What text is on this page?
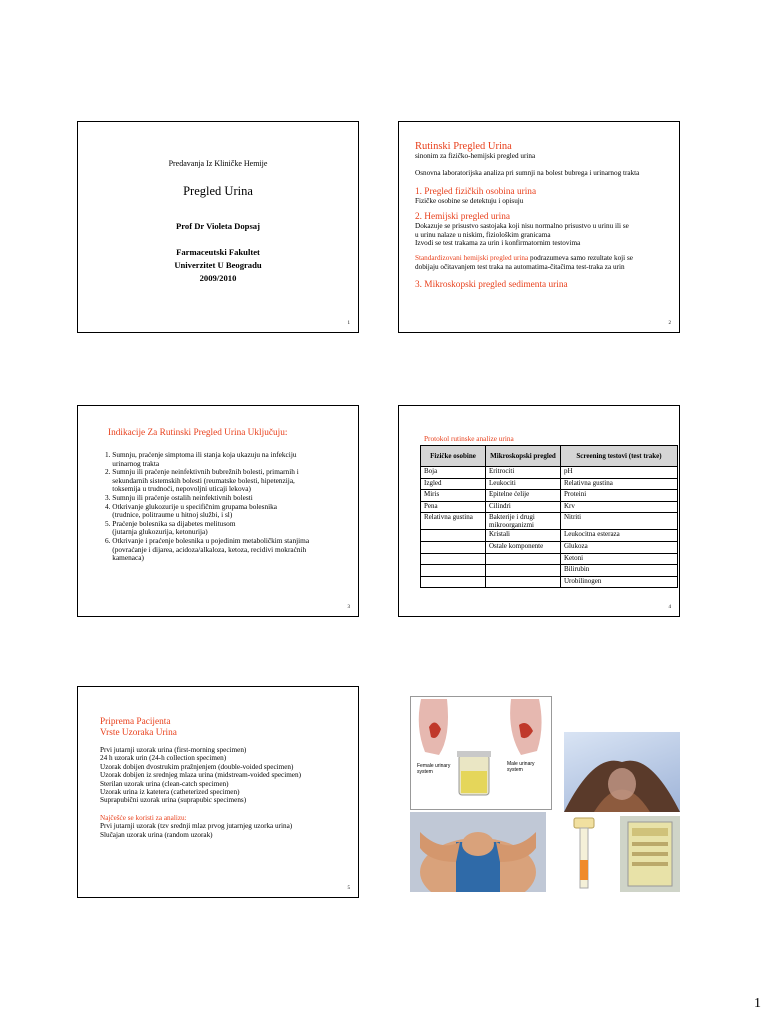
Predavanja Iz Kliničke Hemije
Pregled Urina
Prof Dr Violeta Dopsaj
Farmaceutski Fakultet
Univerzitet U Beogradu
2009/2010
1
Rutinski Pregled Urina
sinonim za fizičko-hemijski pregled urina
Osnovna laboratorijska analiza pri sumnji na bolest bubrega i urinarnog trakta
1. Pregled fizičkih osobina urina
Fizičke osobine se detektuju i opisuju
2. Hemijski pregled urina
Dokazuje se prisustvo sastojaka koji nisu normalno prisustvo u urinu ili se
u urinu nalaze u niskim, fiziološkim granicama
Izvodi se test trakama za urin i konfirmatornim testovima
Standardizovani hemijski pregled urina podrazumeva samo rezultate koji se
dobijaju očitavanjem test traka na automatima-čitačima test-traka za urin
3. Mikroskopski pregled sedimenta urina
2
Indikacije Za Rutinski Pregled Urina Uključuju:
1. Sumnju, praćenje simptoma ili stanja koja ukazuju na infekciju
urinarnog trakta
2. Sumnju ili praćenje neinfektivnih bubrežnih bolesti, primarnih i
sekundarnih sistemskih bolesti (reumatske bolesti, hipetenzija,
toksemija u trudnoći, nepovoljni uticaji lekova)
3. Sumnju ili praćenje ostalih neinfektivnih bolesti
4. Otkrivanje glukozurije u specifičnim grupama bolesnika
(trudnice, politraume u hitnoj službi, i sl)
5. Praćenje bolesnika sa dijabetes melitusom
(jutarnja glukozurija, ketonurija)
6. Otkrivanje i praćenje bolesnika u pojedinim metaboličkim stanjima
(povraćanje i dijarea, acidoza/alkaloza, ketoza, recidivi mokraćnih
kamenaca)
3
Protokol rutinske analize urina
Fizičke osobine	Mikroskopski pregled	Screening testovi (test trake)
Boja	Eritrociti	pH
Izgled	Leukociti	Relativna gustina
Miris	Epitelne ćelije	Proteini
Pena	Cilindri	Krv
Relativna gustina	Bakterije i drugi mikroorganizmi	Nitriti
	Kristali	Leukocitna esteraza
	Ostale komponente	Glukoza
		Ketoni
		Bilirubin
		Urobilinogen
4
Priprema Pacijenta
Vrste Uzoraka Urina
Prvi jutarnji uzorak urina (first-morning specimen)
24 h uzorak urin (24-h collection specimen)
Uzorak dobijen dvostrukim pražnjenjem (double-voided specimen)
Uzorak dobijen iz srednjeg mlaza urina (midstream-voided specimen)
Sterilan uzorak urina (clean-catch specimen)
Uzorak urina iz katetera (catheterized specimen)
Suprapubični uzorak urina (suprapubic specimens)
Najčešće se koristi za analizu:
Prvi jutarnji uzorak (tzv srednji mlaz prvog jutarnjeg uzorka urina)
Slučajan uzorak urina (random uzorak)
5
Female urinary system
Male urinary system
1
